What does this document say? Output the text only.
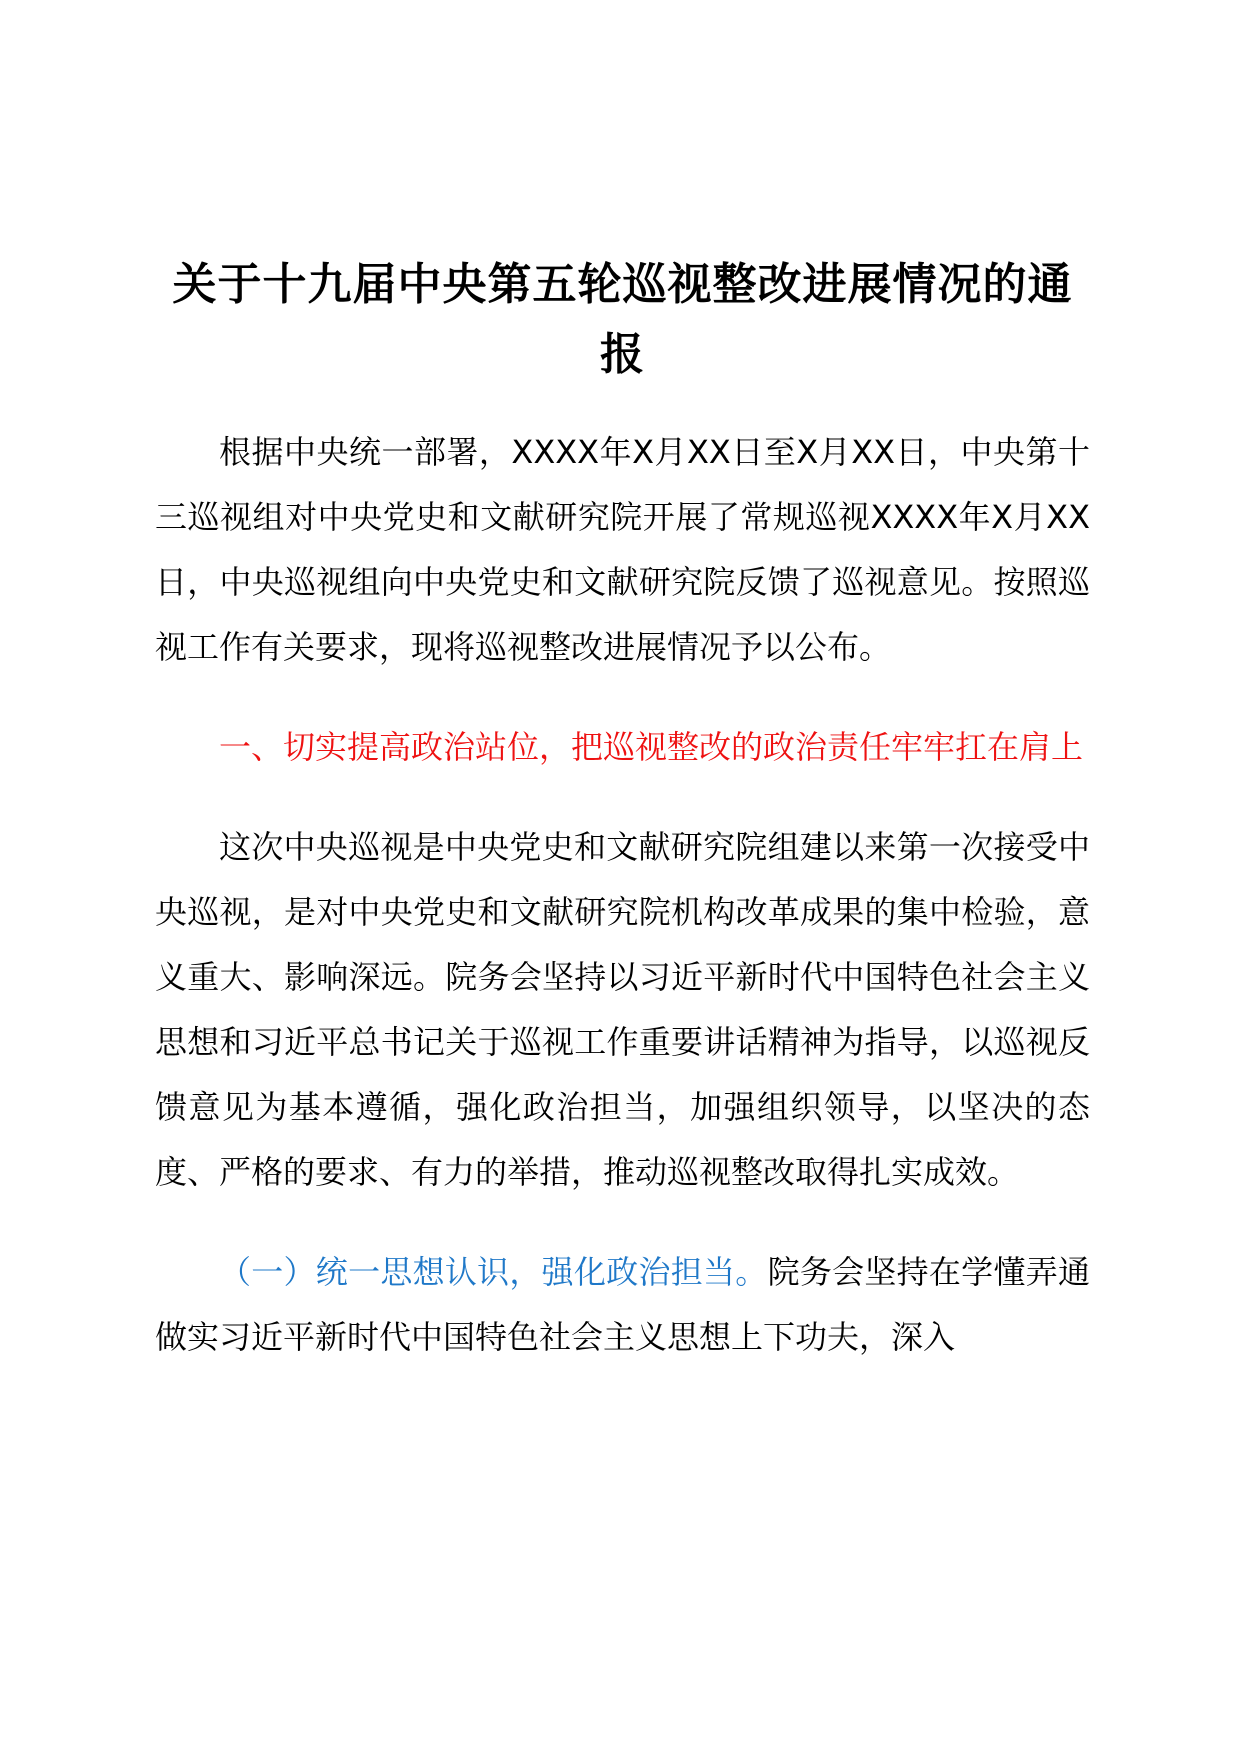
关于十九届中央第五轮巡视整改进展情况的通报

根据中央统一部署，XXXX年X月XX日至X月XX日，中央第十三巡视组对中央党史和文献研究院开展了常规巡视XXXX年X月XX日，中央巡视组向中央党史和文献研究院反馈了巡视意见。按照巡视工作有关要求，现将巡视整改进展情况予以公布。

一、切实提高政治站位，把巡视整改的政治责任牢牢扛在肩上

这次中央巡视是中央党史和文献研究院组建以来第一次接受中央巡视，是对中央党史和文献研究院机构改革成果的集中检验，意义重大、影响深远。院务会坚持以习近平新时代中国特色社会主义思想和习近平总书记关于巡视工作重要讲话精神为指导，以巡视反馈意见为基本遵循，强化政治担当，加强组织领导，以坚决的态度、严格的要求、有力的举措，推动巡视整改取得扎实成效。

（一）统一思想认识，强化政治担当。院务会坚持在学懂弄通做实习近平新时代中国特色社会主义思想上下功夫，深入
